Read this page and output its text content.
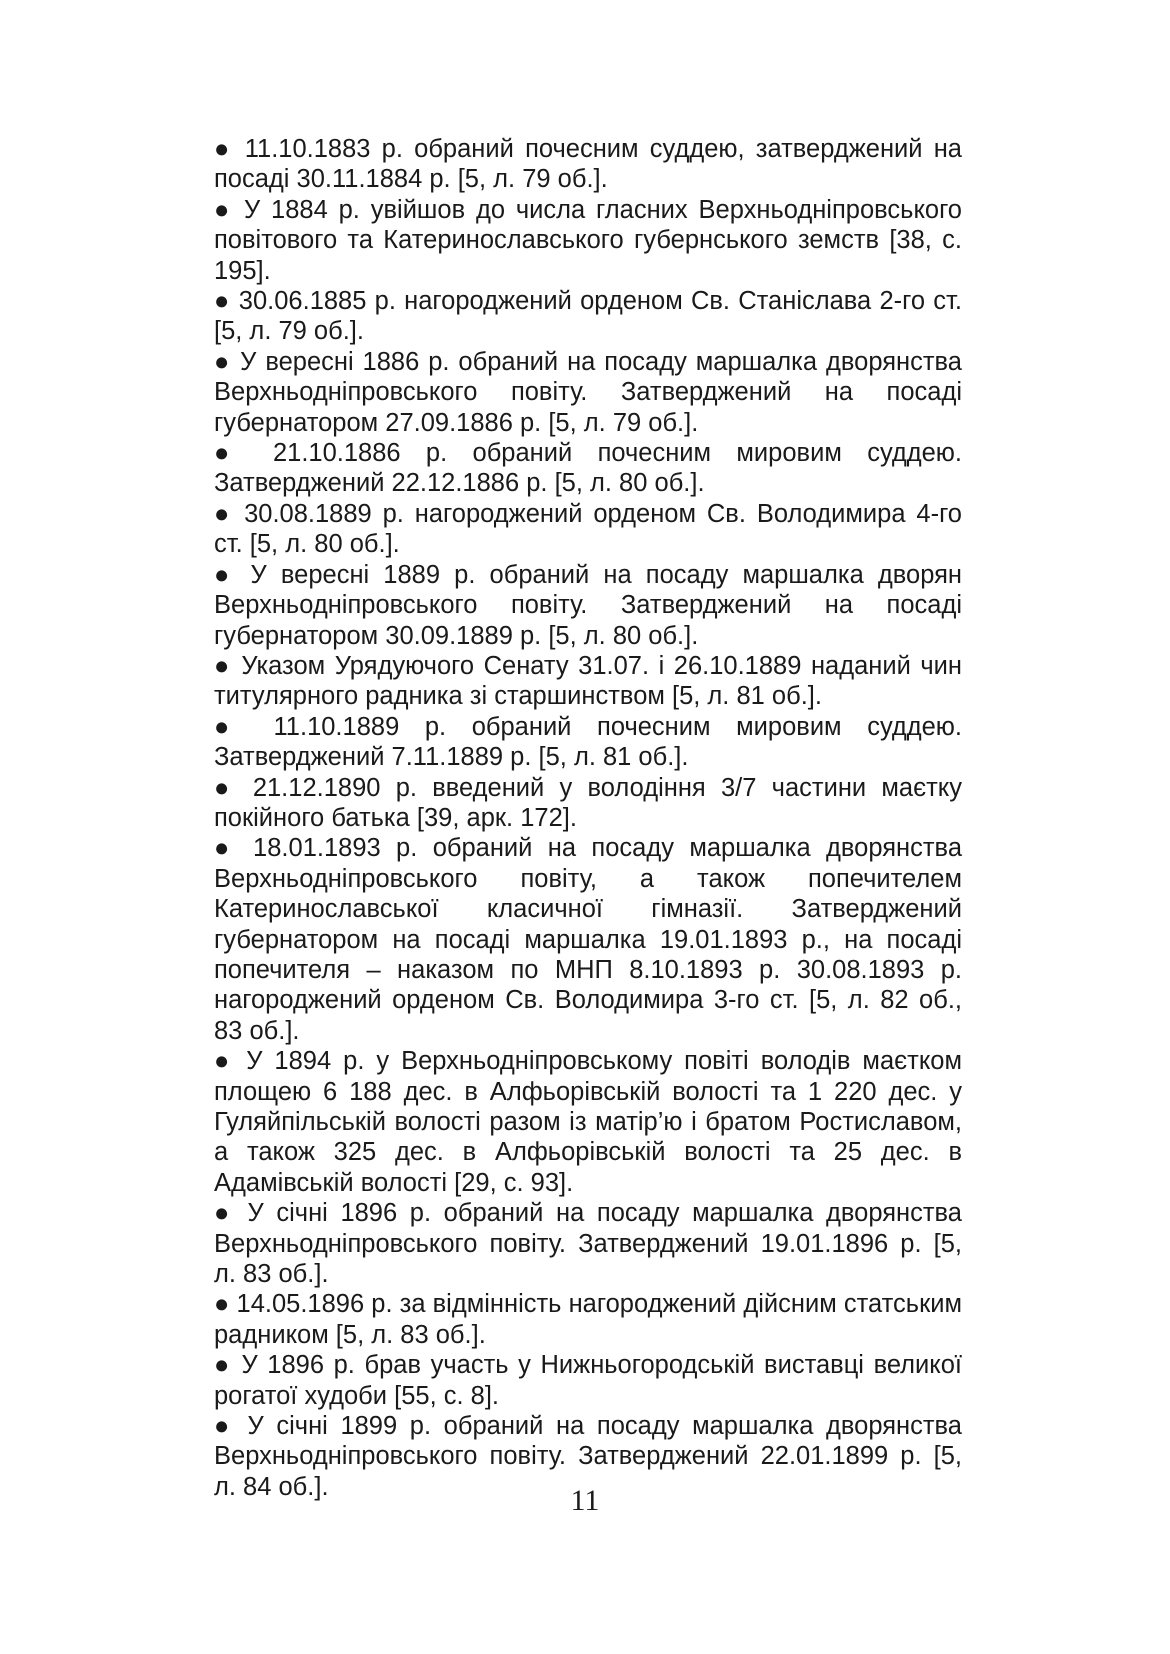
● 11.10.1883 р. обраний почесним суддею, затверджений на посаді 30.11.1884 р. [5, л. 79 об.].

● У 1884 р. увійшов до числа гласних Верхньодніпровського повітового та Катеринославського губернського земств [38, с. 195].

● 30.06.1885 р. нагороджений орденом Св. Станіслава 2-го ст. [5, л. 79 об.].

● У вересні 1886 р. обраний на посаду маршалка дворянства Верхньодніпровського повіту. Затверджений на посаді губернатором 27.09.1886 р. [5, л. 79 об.].

● 21.10.1886 р. обраний почесним мировим суддею. Затверджений 22.12.1886 р. [5, л. 80 об.].

● 30.08.1889 р. нагороджений орденом Св. Володимира 4-го ст. [5, л. 80 об.].

● У вересні 1889 р. обраний на посаду маршалка дворян Верхньодніпровського повіту. Затверджений на посаді губернатором 30.09.1889 р. [5, л. 80 об.].

● Указом Урядуючого Сенату 31.07. і 26.10.1889 наданий чин титулярного радника зі старшинством [5, л. 81 об.].

● 11.10.1889 р. обраний почесним мировим суддею. Затверджений 7.11.1889 р. [5, л. 81 об.].

● 21.12.1890 р. введений у володіння 3/7 частини маєтку покійного батька [39, арк. 172].

● 18.01.1893 р. обраний на посаду маршалка дворянства Верхньодніпровського повіту, а також попечителем Катеринославської класичної гімназії. Затверджений губернатором на посаді маршалка 19.01.1893 р., на посаді попечителя – наказом по МНП 8.10.1893 р. 30.08.1893 р. нагороджений орденом Св. Володимира 3-го ст. [5, л. 82 об., 83 об.].

● У 1894 р. у Верхньодніпровському повіті володів маєтком площею 6 188 дес. в Алфьорівській волості та 1 220 дес. у Гуляйпільській волості разом із матір’ю і братом Ростиславом, а також 325 дес. в Алфьорівській волості та 25 дес. в Адамівській волості [29, с. 93].

● У січні 1896 р. обраний на посаду маршалка дворянства Верхньодніпровського повіту. Затверджений 19.01.1896 р. [5, л. 83 об.].

● 14.05.1896 р. за відмінність нагороджений дійсним статським радником [5, л. 83 об.].

● У 1896 р. брав участь у Нижньогородській виставці великої рогатої худоби [55, с. 8].

● У січні 1899 р. обраний на посаду маршалка дворянства Верхньодніпровського повіту. Затверджений 22.01.1899 р. [5, л. 84 об.].	11
